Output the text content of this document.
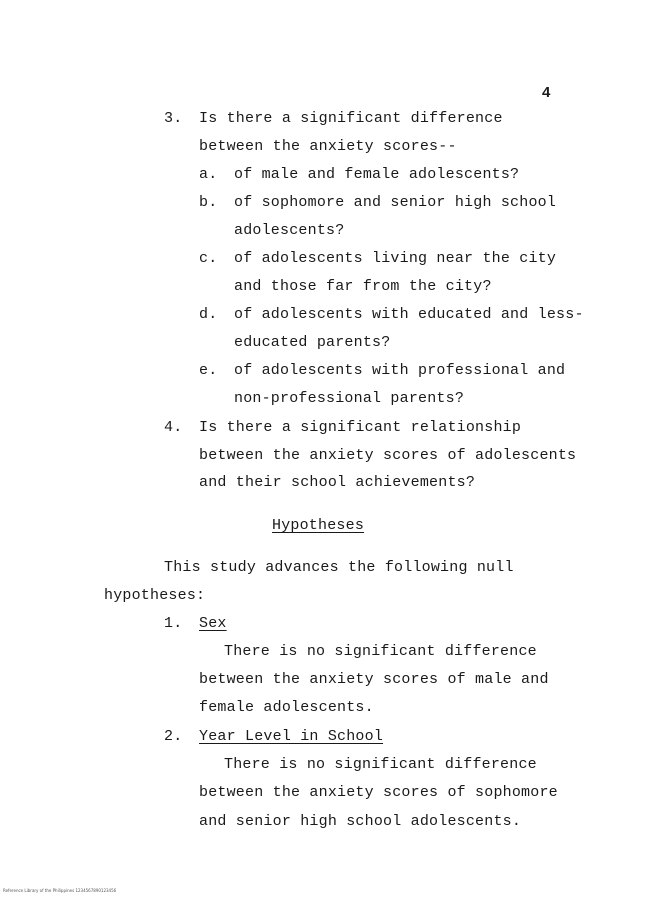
4
3. Is there a significant difference
between the anxiety scores--
a. of male and female adolescents?
b. of sophomore and senior high school
adolescents?
c. of adolescents living near the city
and those far from the city?
d. of adolescents with educated and less-
educated parents?
e. of adolescents with professional and
non-professional parents?
4. Is there a significant relationship
between the anxiety scores of adolescents
and their school achievements?
Hypotheses
This study advances the following null
hypotheses:
1. Sex
There is no significant difference
between the anxiety scores of male and
female adolescents.
2. Year Level in School
There is no significant difference
between the anxiety scores of sophomore
and senior high school adolescents.
Reference Library of the Philippines 1234567890123456
